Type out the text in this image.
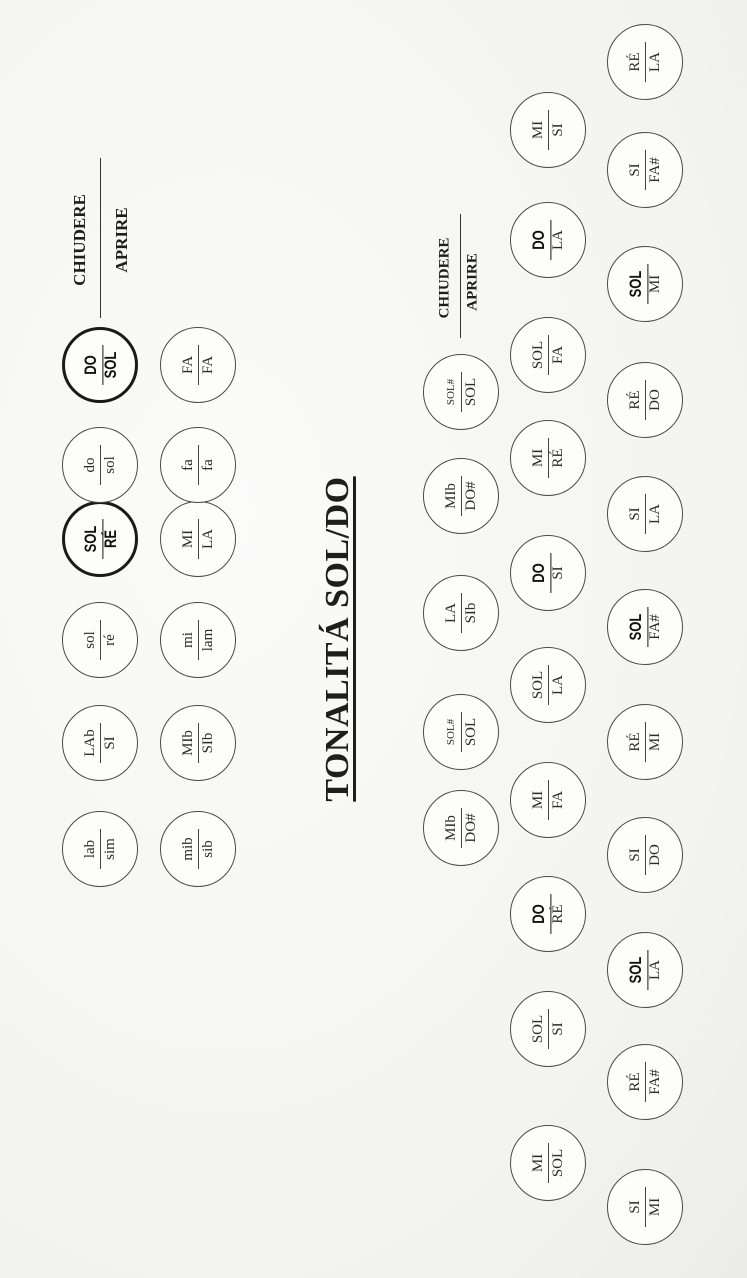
TONALITÁ SOL/DO
CHIUDERE APRIRE	CHIUDERE APRIRE
lab sim
LAb SI
sol ré
SOL RÉ
do sol
DO SOL
mib sib
MIb SIb
mi lam
MI LA
fa fa
FA FA
MIb DO#
SOL# SOL
LA SIb
MIb DO#
SOL# SOL
MI SOL
SOL SI
DO RÉ
MI FA
SOL LA
DO SI
MI RÉ
SOL FA
DO LA
MI SI
SI MI
RÉ FA#
SOL LA
SI DO
RÉ MI
SOL FA#
SI LA
RÉ DO
SOL MI
SI FA#
RÉ LA
